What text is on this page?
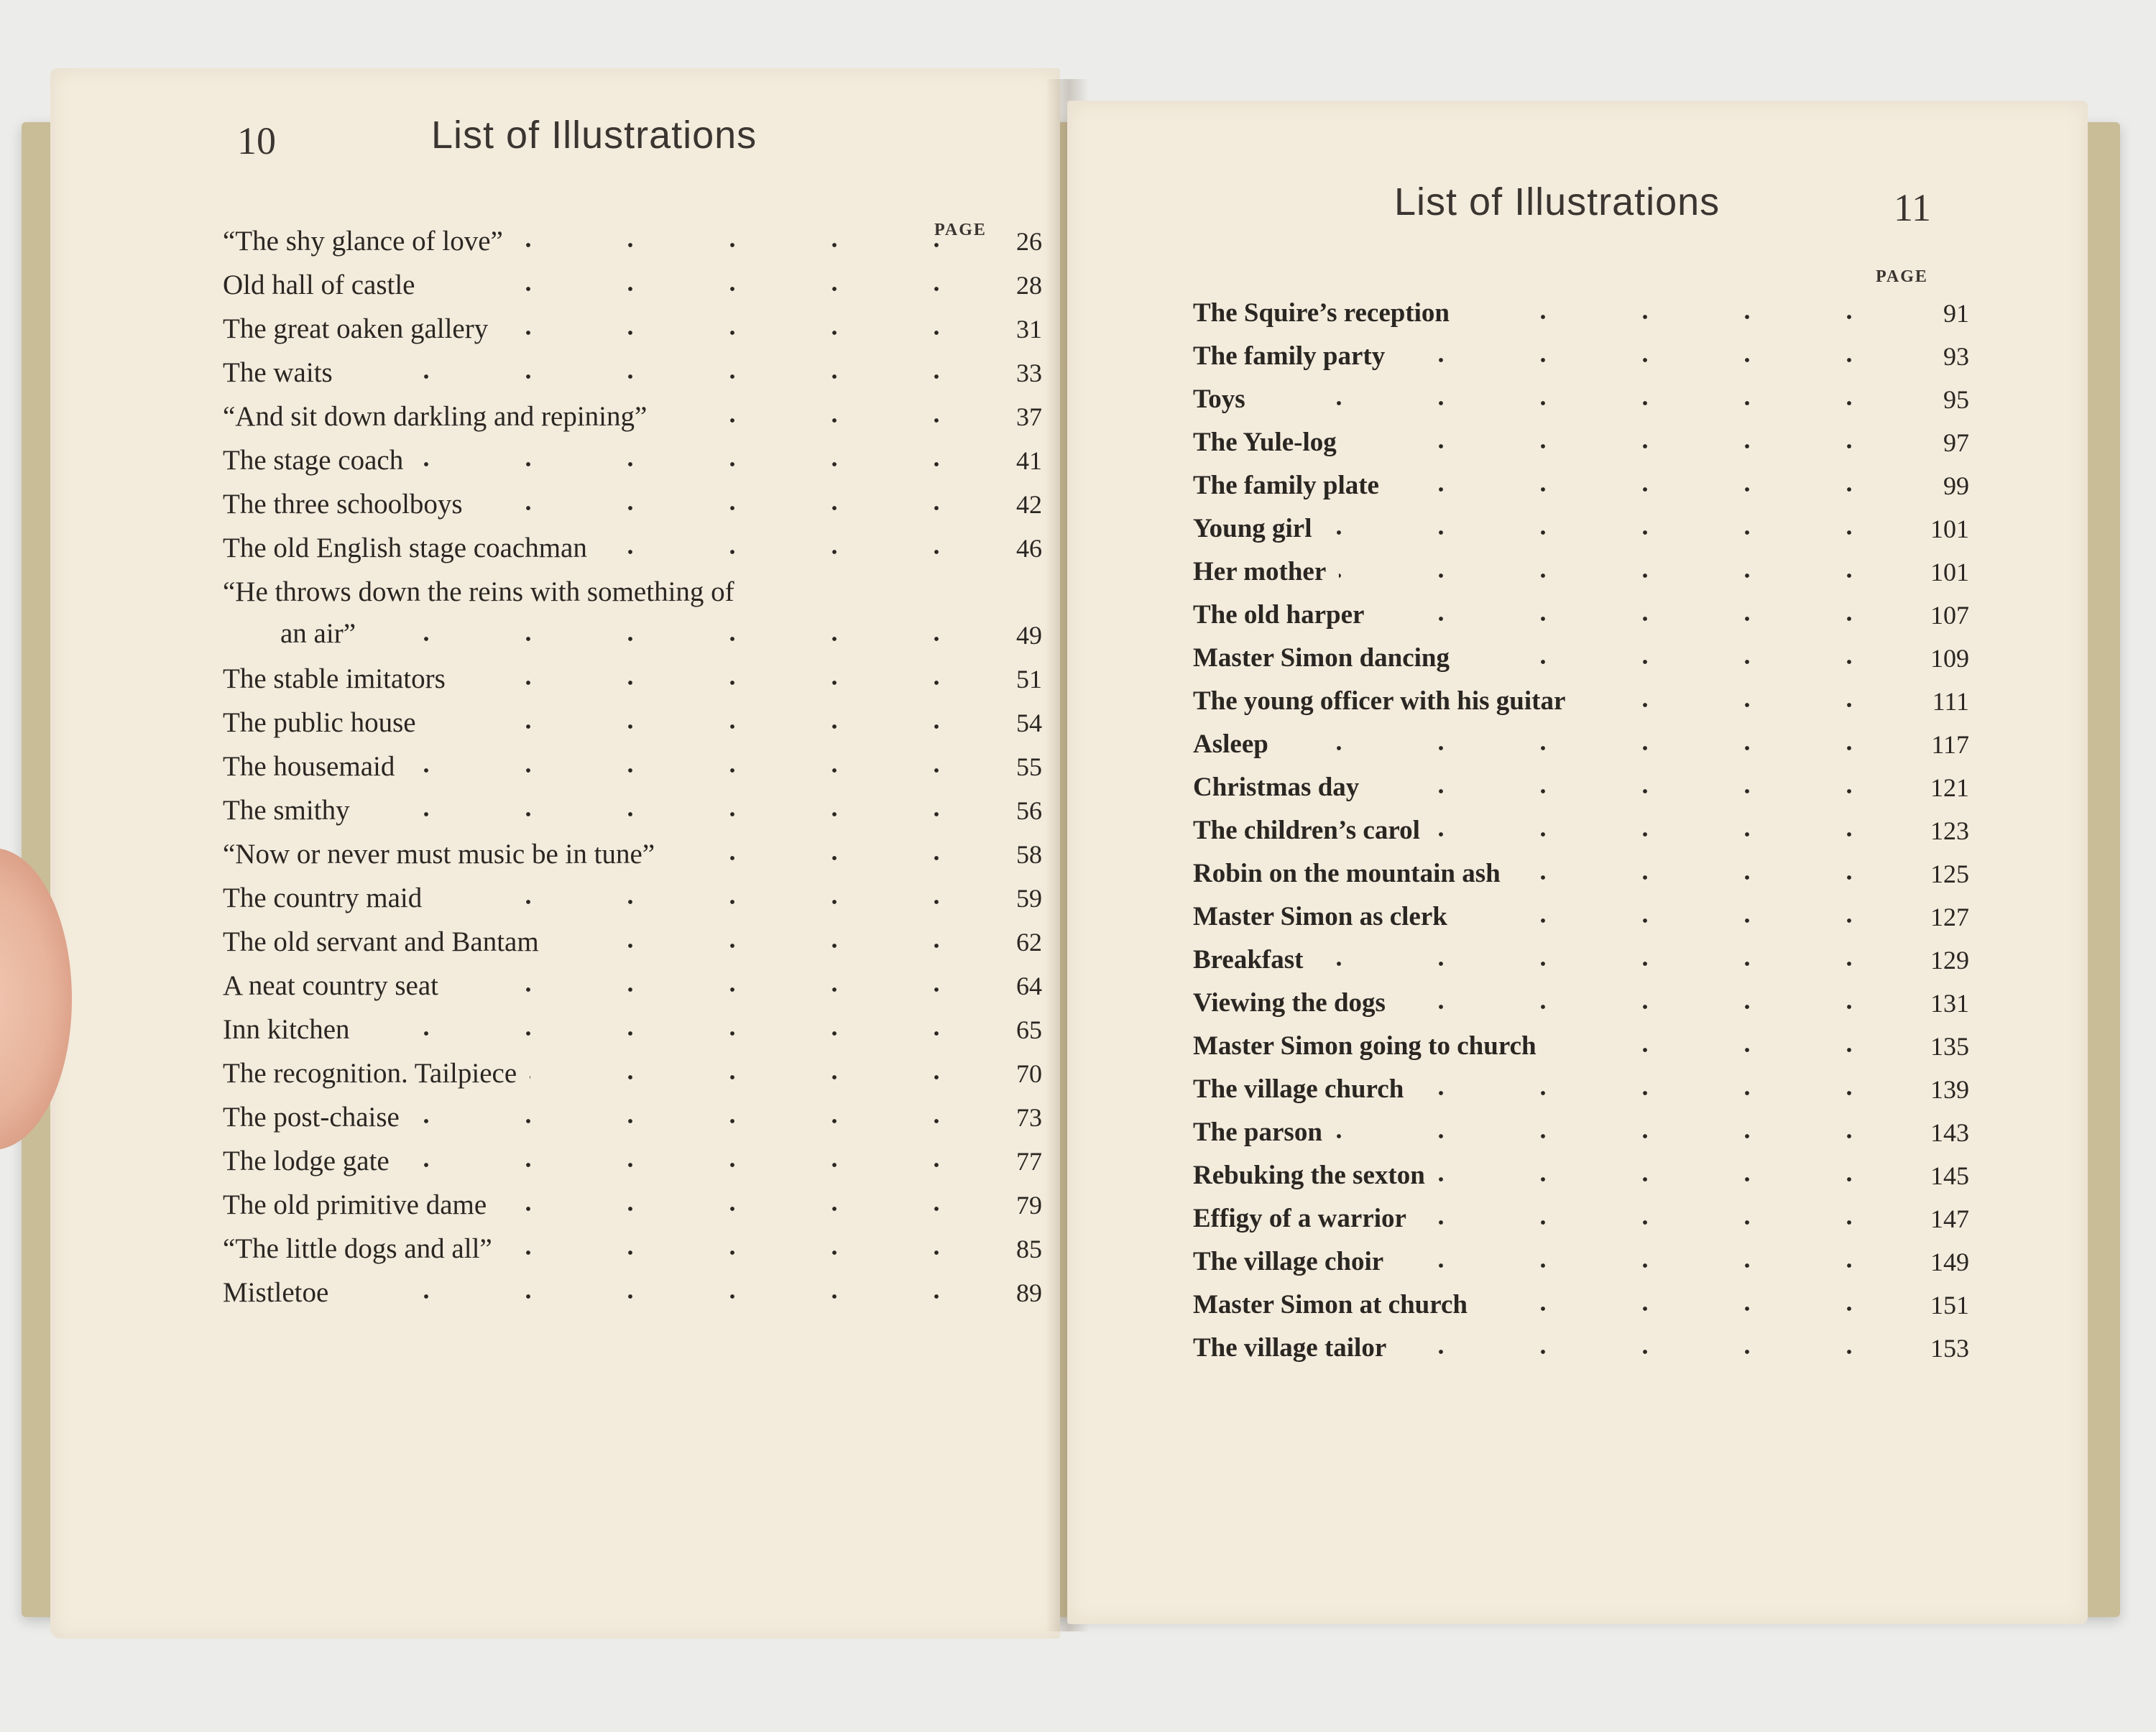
10	List of Illustrations
PAGE
“The shy glance of love”	26
Old hall of castle	28
The great oaken gallery	31
The waits	33
“And sit down darkling and repining”	37
The stage coach	41
The three schoolboys	42
The old English stage coachman	46
“He throws down the reins with something of
an air”	49
The stable imitators	51
The public house	54
The housemaid	55
The smithy	56
“Now or never must music be in tune”	58
The country maid	59
The old servant and Bantam	62
A neat country seat	64
Inn kitchen	65
The recognition. Tailpiece	70
The post-chaise	73
The lodge gate	77
The old primitive dame	79
“The little dogs and all”	85
Mistletoe	89
List of Illustrations	11
PAGE
The Squire’s reception	91
The family party	93
Toys	95
The Yule-log	97
The family plate	99
Young girl	101
Her mother	101
The old harper	107
Master Simon dancing	109
The young officer with his guitar	111
Asleep	117
Christmas day	121
The children’s carol	123
Robin on the mountain ash	125
Master Simon as clerk	127
Breakfast	129
Viewing the dogs	131
Master Simon going to church	135
The village church	139
The parson	143
Rebuking the sexton	145
Effigy of a warrior	147
The village choir	149
Master Simon at church	151
The village tailor	153
